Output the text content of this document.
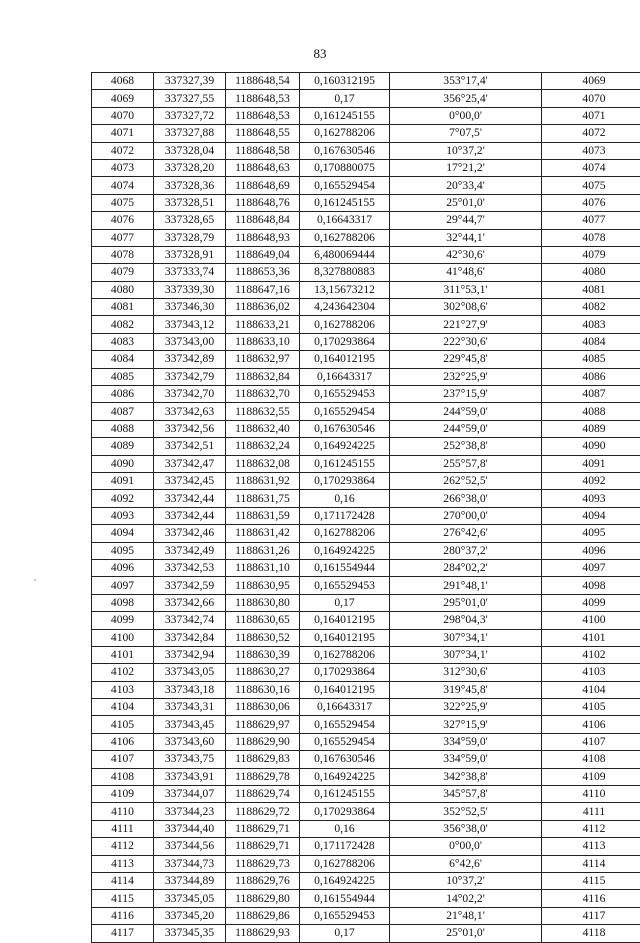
83
4068	337327,39	1188648,54	0,160312195	353°17,4'	4069
4069	337327,55	1188648,53	0,17	356°25,4'	4070
4070	337327,72	1188648,53	0,161245155	0°00,0'	4071
4071	337327,88	1188648,55	0,162788206	7°07,5'	4072
4072	337328,04	1188648,58	0,167630546	10°37,2'	4073
4073	337328,20	1188648,63	0,170880075	17°21,2'	4074
4074	337328,36	1188648,69	0,165529454	20°33,4'	4075
4075	337328,51	1188648,76	0,161245155	25°01,0'	4076
4076	337328,65	1188648,84	0,16643317	29°44,7'	4077
4077	337328,79	1188648,93	0,162788206	32°44,1'	4078
4078	337328,91	1188649,04	6,480069444	42°30,6'	4079
4079	337333,74	1188653,36	8,327880883	41°48,6'	4080
4080	337339,30	1188647,16	13,15673212	311°53,1'	4081
4081	337346,30	1188636,02	4,243642304	302°08,6'	4082
4082	337343,12	1188633,21	0,162788206	221°27,9'	4083
4083	337343,00	1188633,10	0,170293864	222°30,6'	4084
4084	337342,89	1188632,97	0,164012195	229°45,8'	4085
4085	337342,79	1188632,84	0,16643317	232°25,9'	4086
4086	337342,70	1188632,70	0,165529453	237°15,9'	4087
4087	337342,63	1188632,55	0,165529454	244°59,0'	4088
4088	337342,56	1188632,40	0,167630546	244°59,0'	4089
4089	337342,51	1188632,24	0,164924225	252°38,8'	4090
4090	337342,47	1188632,08	0,161245155	255°57,8'	4091
4091	337342,45	1188631,92	0,170293864	262°52,5'	4092
4092	337342,44	1188631,75	0,16	266°38,0'	4093
4093	337342,44	1188631,59	0,171172428	270°00,0'	4094
4094	337342,46	1188631,42	0,162788206	276°42,6'	4095
4095	337342,49	1188631,26	0,164924225	280°37,2'	4096
4096	337342,53	1188631,10	0,161554944	284°02,2'	4097
4097	337342,59	1188630,95	0,165529453	291°48,1'	4098
4098	337342,66	1188630,80	0,17	295°01,0'	4099
4099	337342,74	1188630,65	0,164012195	298°04,3'	4100
4100	337342,84	1188630,52	0,164012195	307°34,1'	4101
4101	337342,94	1188630,39	0,162788206	307°34,1'	4102
4102	337343,05	1188630,27	0,170293864	312°30,6'	4103
4103	337343,18	1188630,16	0,164012195	319°45,8'	4104
4104	337343,31	1188630,06	0,16643317	322°25,9'	4105
4105	337343,45	1188629,97	0,165529454	327°15,9'	4106
4106	337343,60	1188629,90	0,165529454	334°59,0'	4107
4107	337343,75	1188629,83	0,167630546	334°59,0'	4108
4108	337343,91	1188629,78	0,164924225	342°38,8'	4109
4109	337344,07	1188629,74	0,161245155	345°57,8'	4110
4110	337344,23	1188629,72	0,170293864	352°52,5'	4111
4111	337344,40	1188629,71	0,16	356°38,0'	4112
4112	337344,56	1188629,71	0,171172428	0°00,0'	4113
4113	337344,73	1188629,73	0,162788206	6°42,6'	4114
4114	337344,89	1188629,76	0,164924225	10°37,2'	4115
4115	337345,05	1188629,80	0,161554944	14°02,2'	4116
4116	337345,20	1188629,86	0,165529453	21°48,1'	4117
4117	337345,35	1188629,93	0,17	25°01,0'	4118
